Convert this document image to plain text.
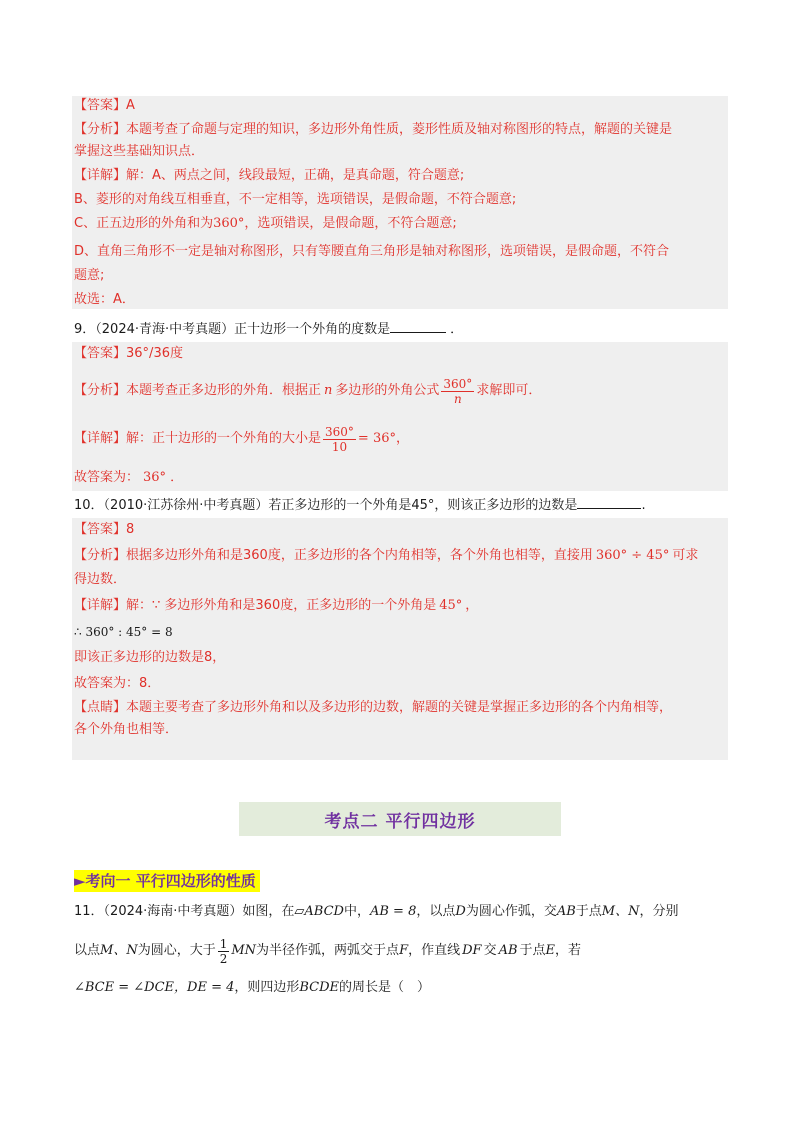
【答案】A
【分析】本题考查了命题与定理的知识，多边形外角性质，菱形性质及轴对称图形的特点，解题的关键是
掌握这些基础知识点．
【详解】解：A、两点之间，线段最短，正确，是真命题，符合题意;
B、菱形的对角线互相垂直，不一定相等，选项错误，是假命题，不符合题意;
C、正五边形的外角和为360°，选项错误，是假命题，不符合题意;
D、直角三角形不一定是轴对称图形，只有等腰直角三角形是轴对称图形，选项错误，是假命题，不符合
题意;
故选：A．
9．（2024·青海·中考真题）正十边形一个外角的度数是	．
【答案】36°/36度
【分析】本题考查正多边形的外角．根据正 n 多边形的外角公式 $\frac{360^\circ}{n}$ 求解即可．
【详解】解：正十边形的一个外角的大小是 $\frac{360^\circ}{10} = 36^\circ$ ，
故答案为： 36° ．
10．（2010·江苏徐州·中考真题）若正多边形的一个外角是45°，则该正多边形的边数是	.
【答案】8
【分析】根据多边形外角和是360度，正多边形的各个内角相等，各个外角也相等，直接用 360° ÷ 45° 可求
得边数．
【详解】解：∵ 多边形外角和是360度，正多边形的一个外角是 45° ，
∴ 360° : 45° = 8
即该正多边形的边数是8，
故答案为：8．
【点睛】本题主要考查了多边形外角和以及多边形的边数，解题的关键是掌握正多边形的各个内角相等，
各个外角也相等．
考点二 平行四边形
►考向一 平行四边形的性质
11．（2024·海南·中考真题）如图，在▱ABCD中，AB = 8，以点D为圆心作弧，交AB于点M、N，分别
以点 M、N 为圆心，大于 $\frac{1}{2}$ MN 为半径作弧，两弧交于点 F ，作直线 DF 交 AB 于点 E ，若
∠BCE = ∠DCE，DE = 4，则四边形BCDE的周长是（　）
